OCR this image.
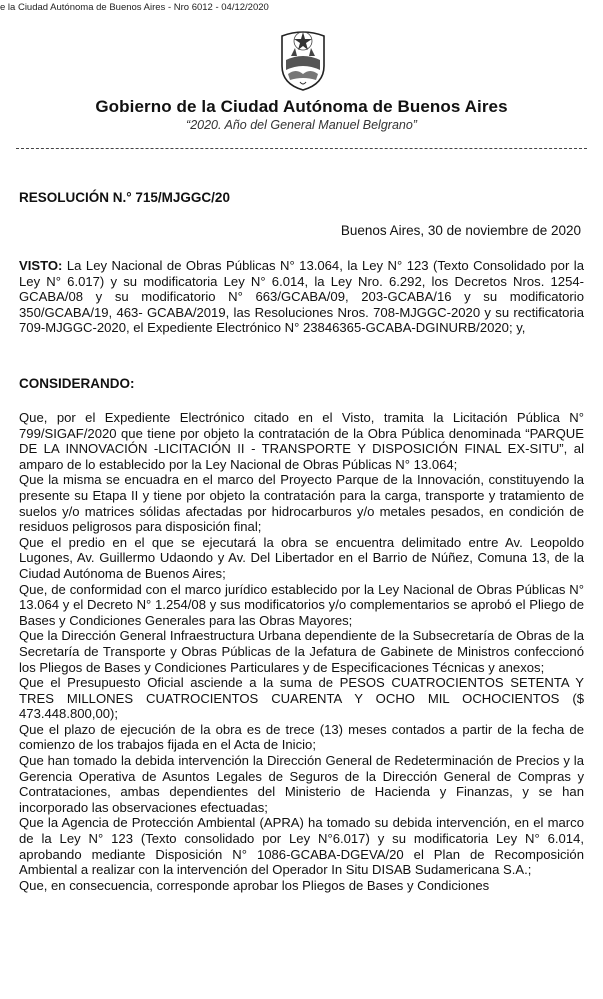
e la Ciudad Autónoma de Buenos Aires - Nro 6012 - 04/12/2020
Gobierno de la Ciudad Autónoma de Buenos Aires
“2020. Año del General Manuel Belgrano”
RESOLUCIÓN N.° 715/MJGGC/20
Buenos Aires, 30 de noviembre de 2020

VISTO: La Ley Nacional de Obras Públicas N° 13.064, la Ley N° 123 (Texto Consolidado por la Ley N° 6.017) y su modificatoria Ley N° 6.014, la Ley Nro. 6.292, los Decretos Nros. 1254-GCABA/08 y su modificatorio N° 663/GCABA/09, 203-GCABA/16 y su modificatorio 350/GCABA/19, 463- GCABA/2019, las Resoluciones Nros. 708-MJGGC-2020 y su rectificatoria 709-MJGGC-2020, el Expediente Electrónico N° 23846365-GCABA-DGINURB/2020; y,

CONSIDERANDO:

Que, por el Expediente Electrónico citado en el Visto, tramita la Licitación Pública N° 799/SIGAF/2020 que tiene por objeto la contratación de la Obra Pública denominada “PARQUE DE LA INNOVACIÓN -LICITACIÓN II - TRANSPORTE Y DISPOSICIÓN FINAL EX-SITU”, al amparo de lo establecido por la Ley Nacional de Obras Públicas N° 13.064;

Que la misma se encuadra en el marco del Proyecto Parque de la Innovación, constituyendo la presente su Etapa II y tiene por objeto la contratación para la carga, transporte y tratamiento de suelos y/o matrices sólidas afectadas por hidrocarburos y/o metales pesados, en condición de residuos peligrosos para disposición final;

Que el predio en el que se ejecutará la obra se encuentra delimitado entre Av. Leopoldo Lugones, Av. Guillermo Udaondo y Av. Del Libertador en el Barrio de Núñez, Comuna 13, de la Ciudad Autónoma de Buenos Aires;

Que, de conformidad con el marco jurídico establecido por la Ley Nacional de Obras Públicas N° 13.064 y el Decreto N° 1.254/08 y sus modificatorios y/o complementarios se aprobó el Pliego de Bases y Condiciones Generales para las Obras Mayores;

Que la Dirección General Infraestructura Urbana dependiente de la Subsecretaría de Obras de la Secretaría de Transporte y Obras Públicas de la Jefatura de Gabinete de Ministros confeccionó los Pliegos de Bases y Condiciones Particulares y de Especificaciones Técnicas y anexos;

Que el Presupuesto Oficial asciende a la suma de PESOS CUATROCIENTOS SETENTA Y TRES MILLONES CUATROCIENTOS CUARENTA Y OCHO MIL OCHOCIENTOS ($ 473.448.800,00);

Que el plazo de ejecución de la obra es de trece (13) meses contados a partir de la fecha de comienzo de los trabajos fijada en el Acta de Inicio;

Que han tomado la debida intervención la Dirección General de Redeterminación de Precios y la Gerencia Operativa de Asuntos Legales de Seguros de la Dirección General de Compras y Contrataciones, ambas dependientes del Ministerio de Hacienda y Finanzas, y se han incorporado las observaciones efectuadas;

Que la Agencia de Protección Ambiental (APRA) ha tomado su debida intervención, en el marco de la Ley N° 123 (Texto consolidado por Ley N°6.017) y su modificatoria Ley N° 6.014, aprobando mediante Disposición N° 1086-GCABA-DGEVA/20 el Plan de Recomposición Ambiental a realizar con la intervención del Operador In Situ DISAB Sudamericana S.A.;

Que, en consecuencia, corresponde aprobar los Pliegos de Bases y Condiciones
